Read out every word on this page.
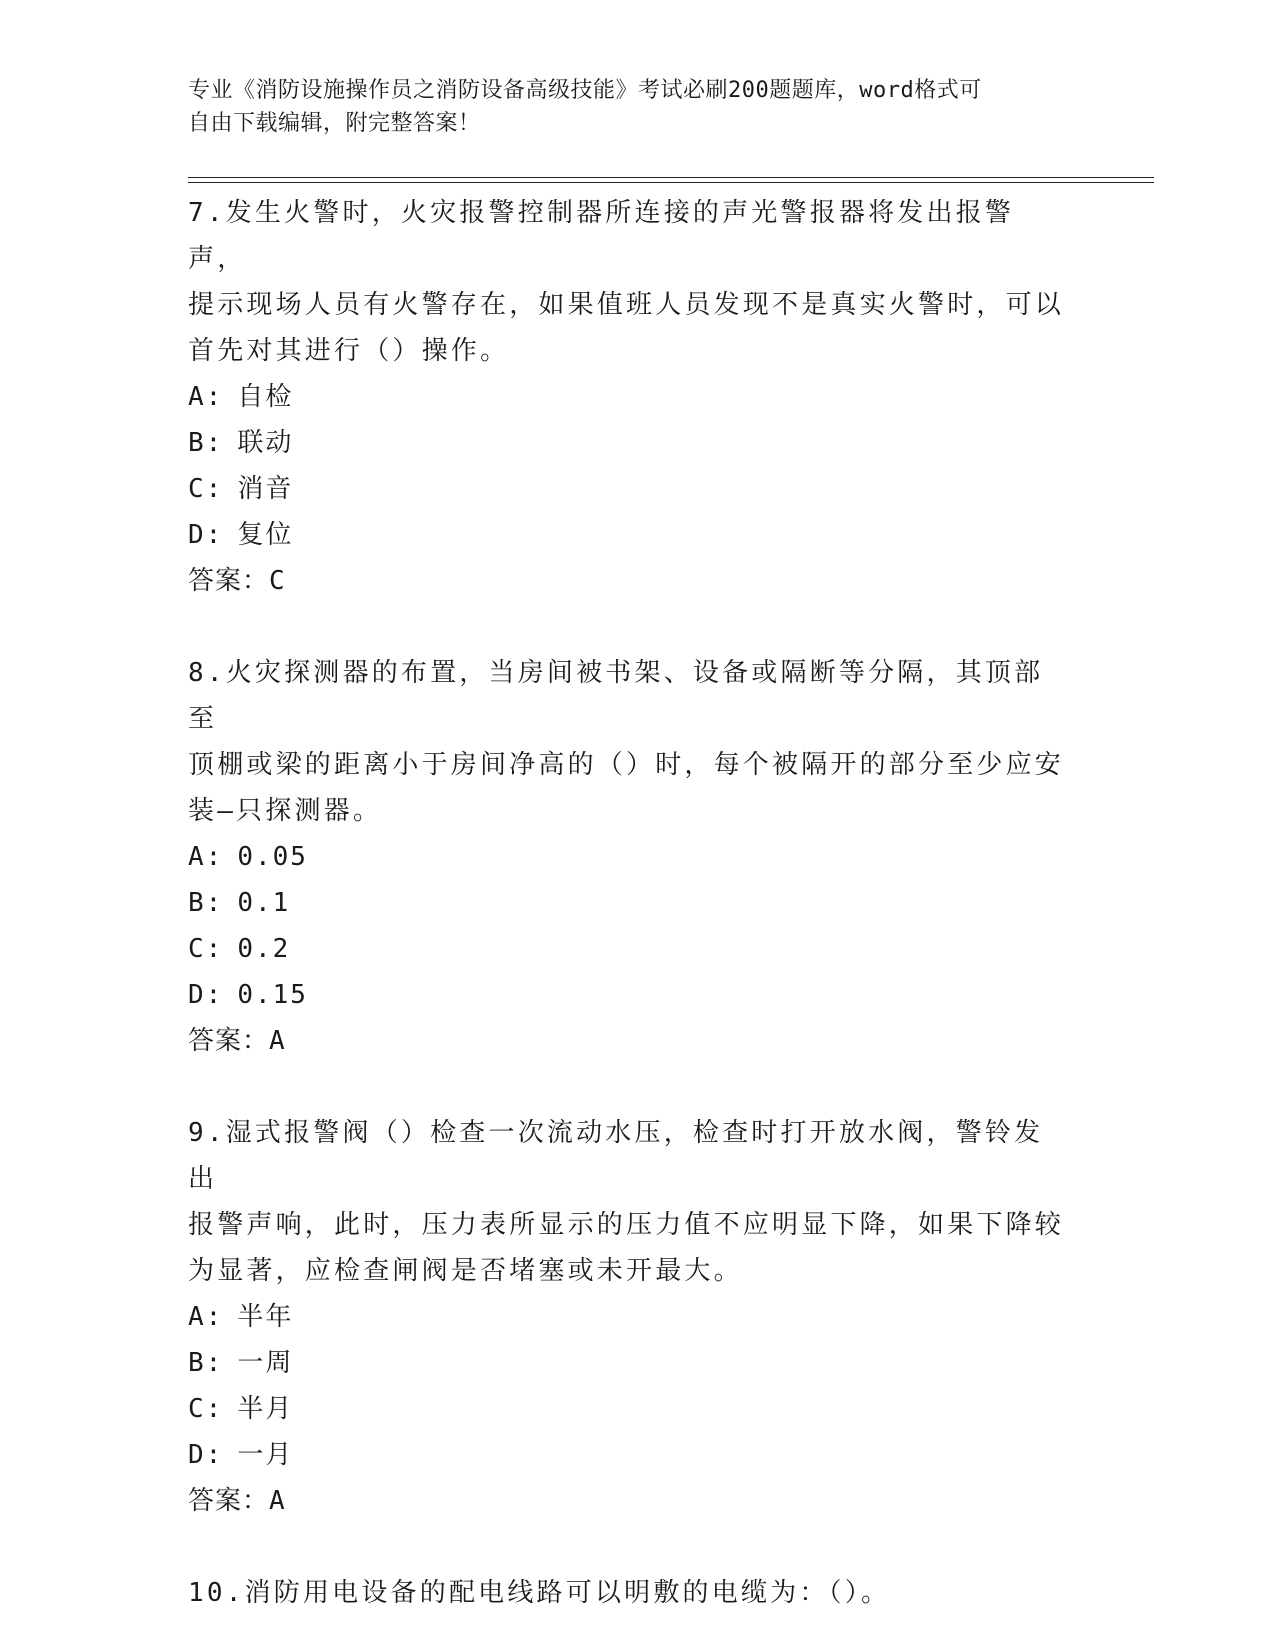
专业《消防设施操作员之消防设备高级技能》考试必刷200题题库，word格式可
自由下载编辑，附完整答案！

7.发生火警时，火灾报警控制器所连接的声光警报器将发出报警声，

提示现场人员有火警存在，如果值班人员发现不是真实火警时，可以

首先对其进行（）操作。

A: 自检

B: 联动

C: 消音

D: 复位

答案：C

8.火灾探测器的布置，当房间被书架、设备或隔断等分隔，其顶部至

顶棚或梁的距离小于房间净高的（）时，每个被隔开的部分至少应安

装—只探测器。

A: 0.05

B: 0.1

C: 0.2

D: 0.15

答案：A

9.湿式报警阀（）检查一次流动水压，检查时打开放水阀，警铃发出

报警声响，此时，压力表所显示的压力值不应明显下降，如果下降较

为显著，应检查闸阀是否堵塞或未开最大。

A: 半年

B: 一周

C: 半月

D: 一月

答案：A

10.消防用电设备的配电线路可以明敷的电缆为：（）。
